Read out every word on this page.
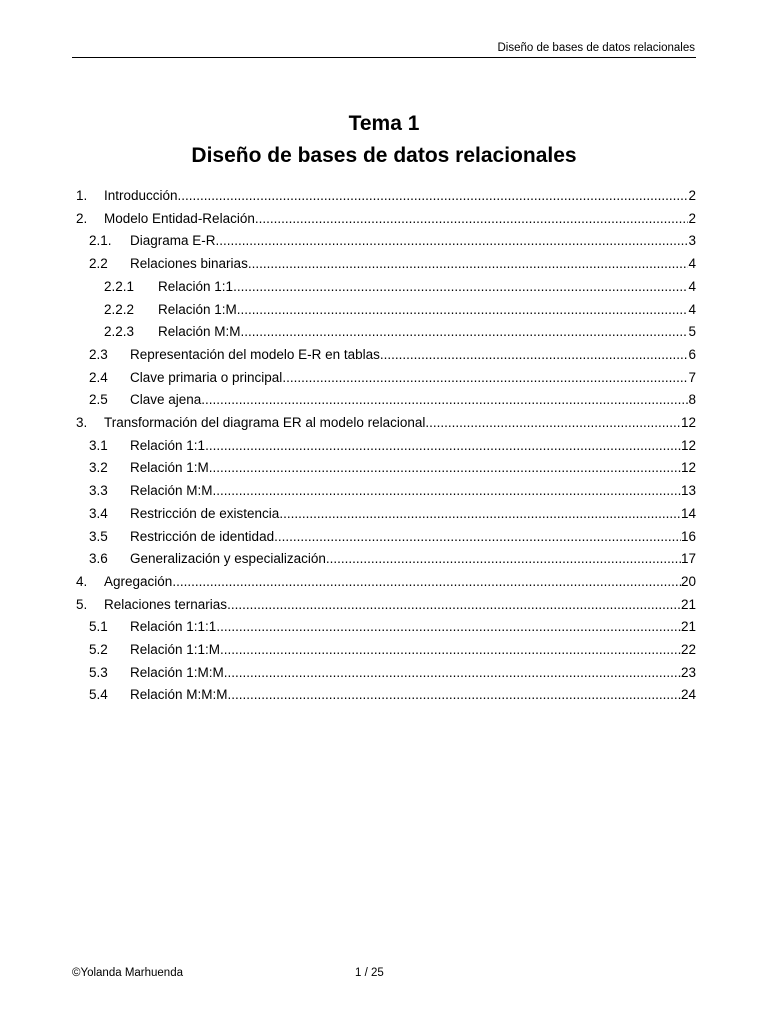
Diseño de bases de datos relacionales
Tema 1
Diseño de bases de datos relacionales
1.	Introducción .....	2
2.	Modelo Entidad-Relación .....	2
2.1.	Diagrama E-R .....	3
2.2	Relaciones binarias .....	4
2.2.1	Relación 1:1 .....	4
2.2.2	Relación 1:M .....	4
2.2.3	Relación M:M .....	5
2.3	Representación del modelo E-R en tablas .....	6
2.4	Clave primaria o principal .....	7
2.5	Clave ajena .....	8
3.	Transformación del diagrama ER al modelo relacional .....	12
3.1	Relación 1:1 .....	12
3.2	Relación 1:M .....	12
3.3	Relación M:M .....	13
3.4	Restricción de existencia .....	14
3.5	Restricción de identidad .....	16
3.6	Generalización y especialización .....	17
4.	Agregación .....	20
5.	Relaciones ternarias .....	21
5.1	Relación 1:1:1 .....	21
5.2	Relación 1:1:M .....	22
5.3	Relación 1:M:M .....	23
5.4	Relación M:M:M .....	24
©Yolanda Marhuenda	1 / 25
